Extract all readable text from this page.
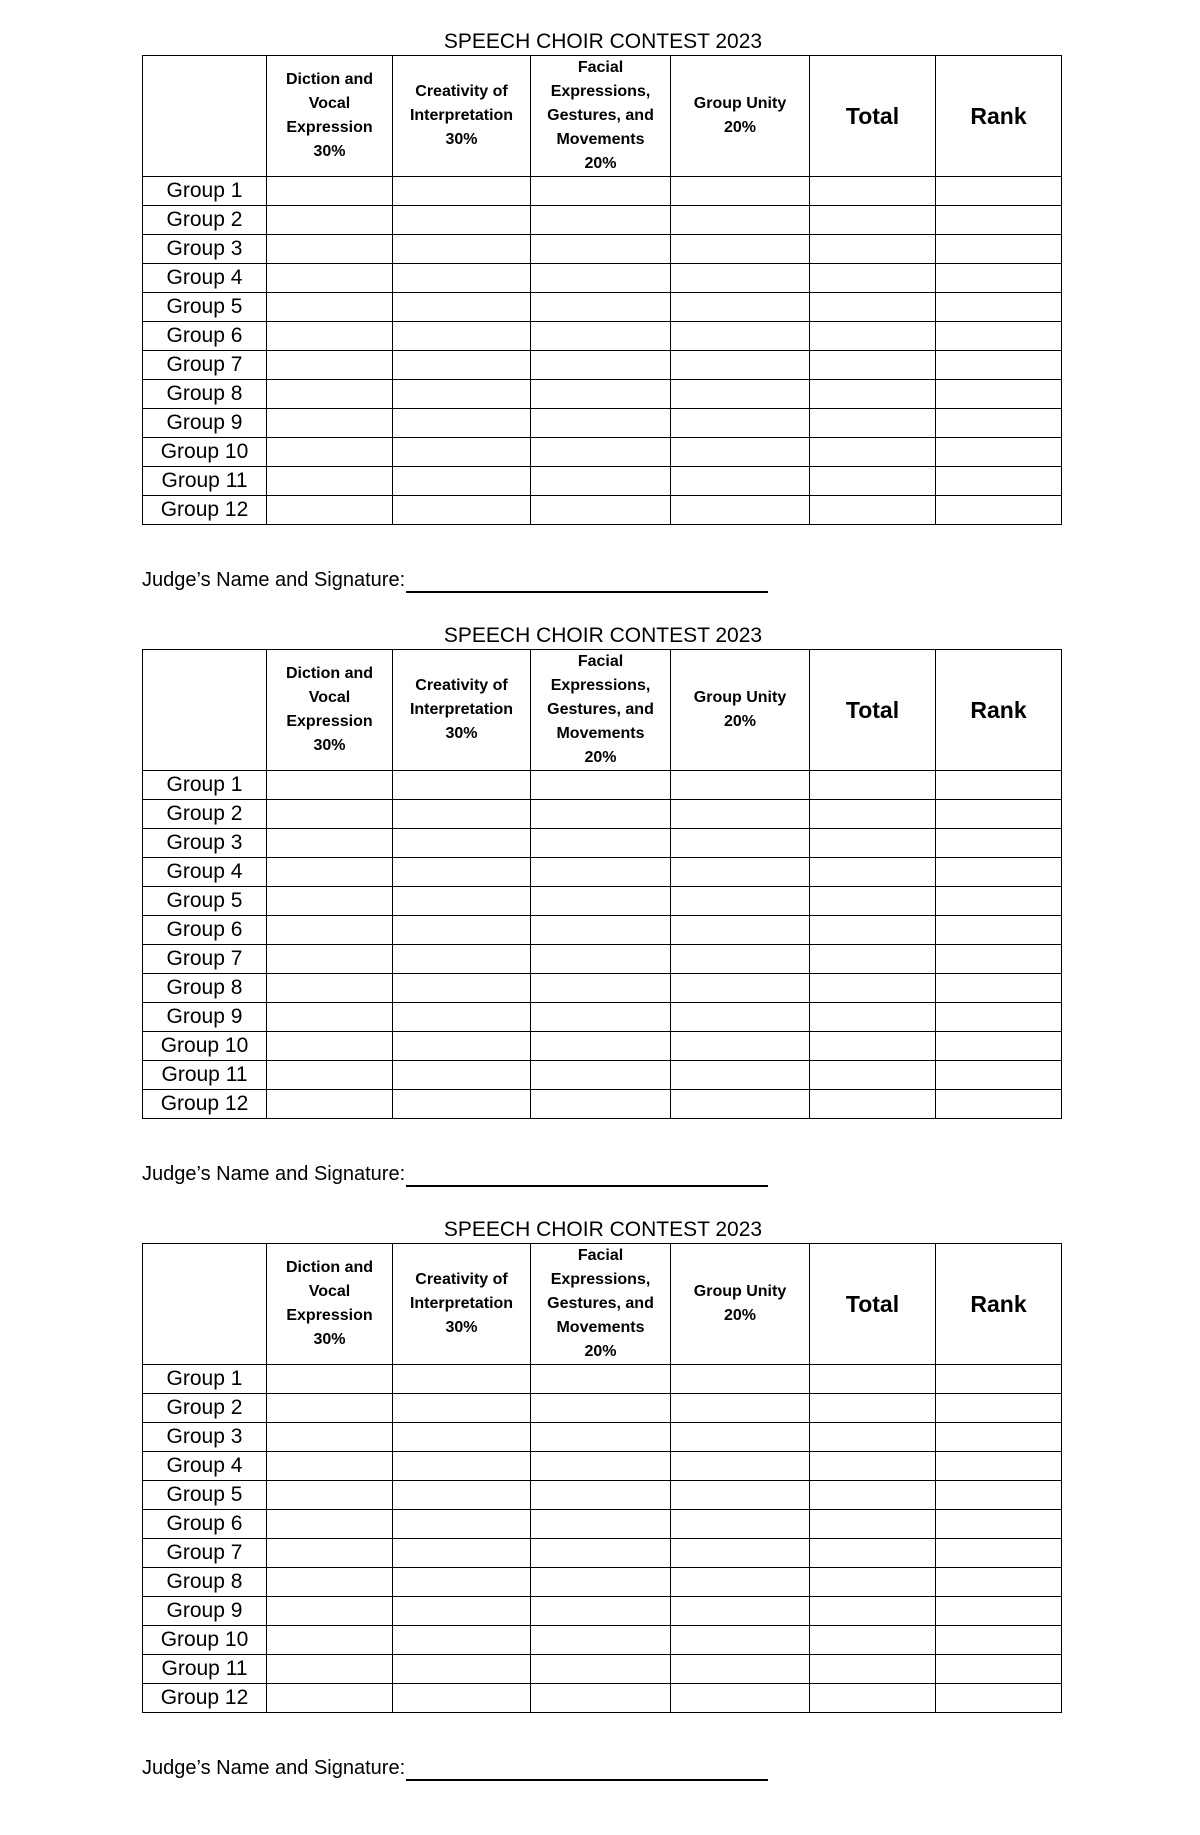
SPEECH CHOIR CONTEST 2023
	Diction and
Vocal
Expression
30%	Creativity of
Interpretation
30%	Facial
Expressions,
Gestures, and
Movements
20%	Group Unity
20%	Total	Rank
Group 1						
Group 2						
Group 3						
Group 4						
Group 5						
Group 6						
Group 7						
Group 8						
Group 9						
Group 10						
Group 11						
Group 12						
Judge’s Name and Signature:
SPEECH CHOIR CONTEST 2023
	Diction and
Vocal
Expression
30%	Creativity of
Interpretation
30%	Facial
Expressions,
Gestures, and
Movements
20%	Group Unity
20%	Total	Rank
Group 1						
Group 2						
Group 3						
Group 4						
Group 5						
Group 6						
Group 7						
Group 8						
Group 9						
Group 10						
Group 11						
Group 12						
Judge’s Name and Signature:
SPEECH CHOIR CONTEST 2023
	Diction and
Vocal
Expression
30%	Creativity of
Interpretation
30%	Facial
Expressions,
Gestures, and
Movements
20%	Group Unity
20%	Total	Rank
Group 1						
Group 2						
Group 3						
Group 4						
Group 5						
Group 6						
Group 7						
Group 8						
Group 9						
Group 10						
Group 11						
Group 12						
Judge’s Name and Signature:
